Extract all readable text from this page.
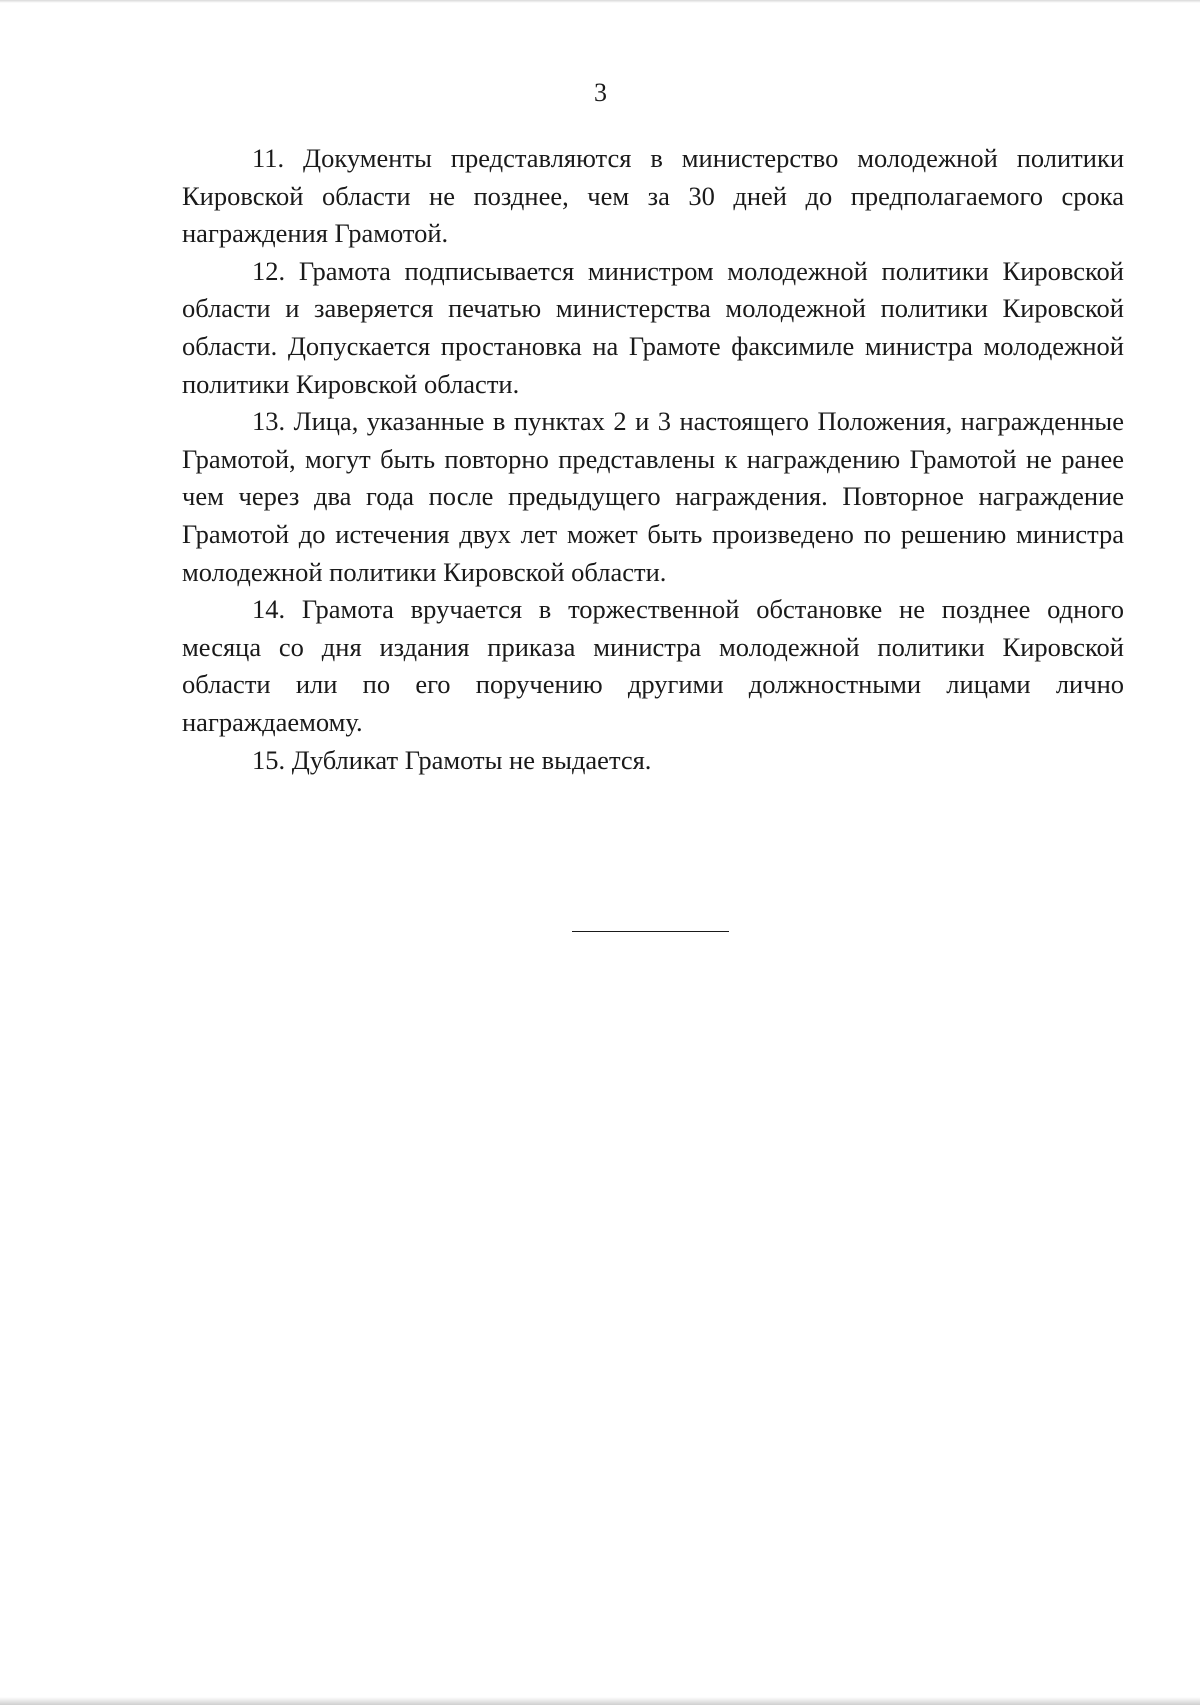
3

11. Документы представляются в министерство молодежной политики Кировской области не позднее, чем за 30 дней до предполагаемого срока награждения Грамотой.

12. Грамота подписывается министром молодежной политики Кировской области и заверяется печатью министерства молодежной политики Кировской области. Допускается простановка на Грамоте факсимиле министра молодежной политики Кировской области.

13. Лица, указанные в пунктах 2 и 3 настоящего Положения, награжденные Грамотой, могут быть повторно представлены к награждению Грамотой не ранее чем через два года после предыдущего награждения. Повторное награждение Грамотой до истечения двух лет может быть произведено по решению министра молодежной политики Кировской области.

14. Грамота вручается в торжественной обстановке не позднее одного месяца со дня издания приказа министра молодежной политики Кировской области или по его поручению другими должностными лицами лично награждаемому.

15. Дубликат Грамоты не выдается.
